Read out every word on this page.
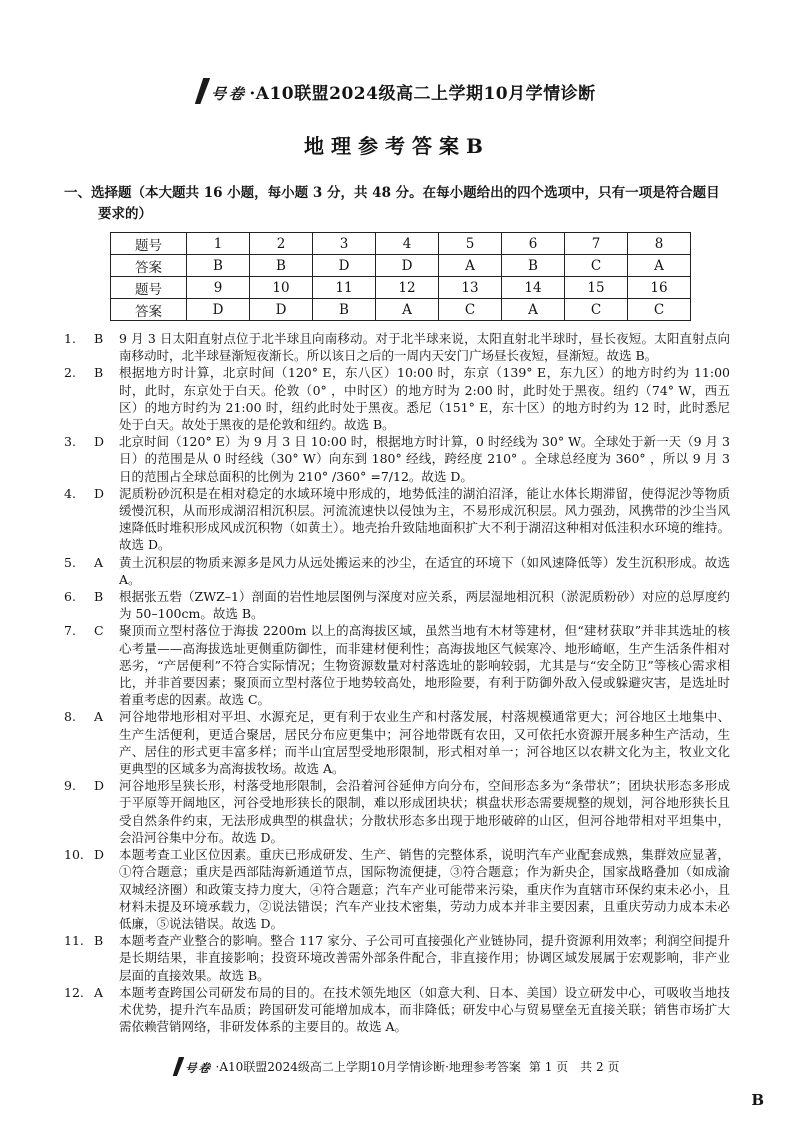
号卷 ·A10联盟2024级高二上学期10月学情诊断
地理参考答案B
一、选择题（本大题共 16 小题，每小题 3 分，共 48 分。在每小题给出的四个选项中，只有一项是符合题目要求的）
题号	1	2	3	4	5	6	7	8
答案	B	B	D	D	A	B	C	A
题号	9	10	11	12	13	14	15	16
答案	D	D	B	A	C	A	C	C
1.	B	9 月 3 日太阳直射点位于北半球且向南移动。对于北半球来说，太阳直射北半球时，昼长夜短。太阳直射点向南移动时，北半球昼渐短夜渐长。所以该日之后的一周内天安门广场昼长夜短，昼渐短。故选 B。
2.	B	根据地方时计算，北京时间（120° E，东八区）10:00 时，东京（139° E，东九区）的地方时约为 11:00 时，此时，东京处于白天。伦敦（0° ，中时区）的地方时为 2:00 时，此时处于黑夜。纽约（74° W，西五区）的地方时约为 21:00 时，纽约此时处于黑夜。悉尼（151° E，东十区）的地方时约为 12 时，此时悉尼处于白天。故处于黑夜的是伦敦和纽约。故选 B。
3.	D	北京时间（120° E）为 9 月 3 日 10:00 时，根据地方时计算，0 时经线为 30° W。全球处于新一天（9 月 3 日）的范围是从 0 时经线（30° W）向东到 180° 经线，跨经度 210° 。全球总经度为 360° ，所以 9 月 3 日的范围占全球总面积的比例为 210° /360° =7/12。故选 D。
4.	D	泥质粉砂沉积是在相对稳定的水域环境中形成的，地势低洼的湖泊沼泽，能让水体长期滞留，使得泥沙等物质缓慢沉积，从而形成湖沼相沉积层。河流流速快以侵蚀为主，不易形成沉积层。风力强劲，风携带的沙尘当风速降低时堆积形成风成沉积物（如黄土）。地壳抬升致陆地面积扩大不利于湖沼这种相对低洼积水环境的维持。故选 D。
5.	A	黄土沉积层的物质来源多是风力从远处搬运来的沙尘，在适宜的环境下（如风速降低等）发生沉积形成。故选 A。
6.	B	根据张五砦（ZWZ–1）剖面的岩性地层图例与深度对应关系，两层湿地相沉积（淤泥质粉砂）对应的总厚度约为 50–100cm。故选 B。
7.	C	聚顶而立型村落位于海拔 2200m 以上的高海拔区域，虽然当地有木材等建材，但“建材获取”并非其选址的核心考量——高海拔选址更侧重防御性，而非建材便利性；高海拔地区气候寒冷、地形崎岖，生产生活条件相对恶劣，“产居便利”不符合实际情况；生物资源数量对村落选址的影响较弱，尤其是与“安全防卫”等核心需求相比，并非首要因素；聚顶而立型村落位于地势较高处，地形险要，有利于防御外敌入侵或躲避灾害，是选址时着重考虑的因素。故选 C。
8.	A	河谷地带地形相对平坦、水源充足，更有利于农业生产和村落发展，村落规模通常更大；河谷地区土地集中、生产生活便利，更适合聚居，居民分布应更集中；河谷地带既有农田，又可依托水资源开展多种生产活动，生产、居住的形式更丰富多样；而半山宜居型受地形限制，形式相对单一；河谷地区以农耕文化为主，牧业文化更典型的区域多为高海拔牧场。故选 A。
9.	D	河谷地形呈狭长形，村落受地形限制，会沿着河谷延伸方向分布，空间形态多为“条带状”；团块状形态多形成于平原等开阔地区，河谷受地形狭长的限制，难以形成团块状；棋盘状形态需要规整的规划，河谷地形狭长且受自然条件约束，无法形成典型的棋盘状；分散状形态多出现于地形破碎的山区，但河谷地带相对平坦集中，会沿河谷集中分布。故选 D。
10. D	本题考查工业区位因素。重庆已形成研发、生产、销售的完整体系，说明汽车产业配套成熟，集群效应显著，①符合题意；重庆是西部陆海新通道节点，国际物流便捷，③符合题意；作为新央企，国家战略叠加（如成渝双城经济圈）和政策支持力度大，④符合题意；汽车产业可能带来污染，重庆作为直辖市环保约束未必小，且材料未提及环境承载力，②说法错误；汽车产业技术密集，劳动力成本并非主要因素，且重庆劳动力成本未必低廉，⑤说法错误。故选 D。
11. B	本题考查产业整合的影响。整合 117 家分、子公司可直接强化产业链协同，提升资源利用效率；利润空间提升是长期结果，非直接影响；投资环境改善需外部条件配合，非直接作用；协调区域发展属于宏观影响，非产业层面的直接效果。故选 B。
12. A	本题考查跨国公司研发布局的目的。在技术领先地区（如意大利、日本、美国）设立研发中心，可吸收当地技术优势，提升汽车品质；跨国研发可能增加成本，而非降低；研发中心与贸易壁垒无直接关联；销售市场扩大需依赖营销网络，非研发体系的主要目的。故选 A。
号卷 ·A10联盟2024级高二上学期10月学情诊断·地理参考答案 第 1 页　共 2 页
B
